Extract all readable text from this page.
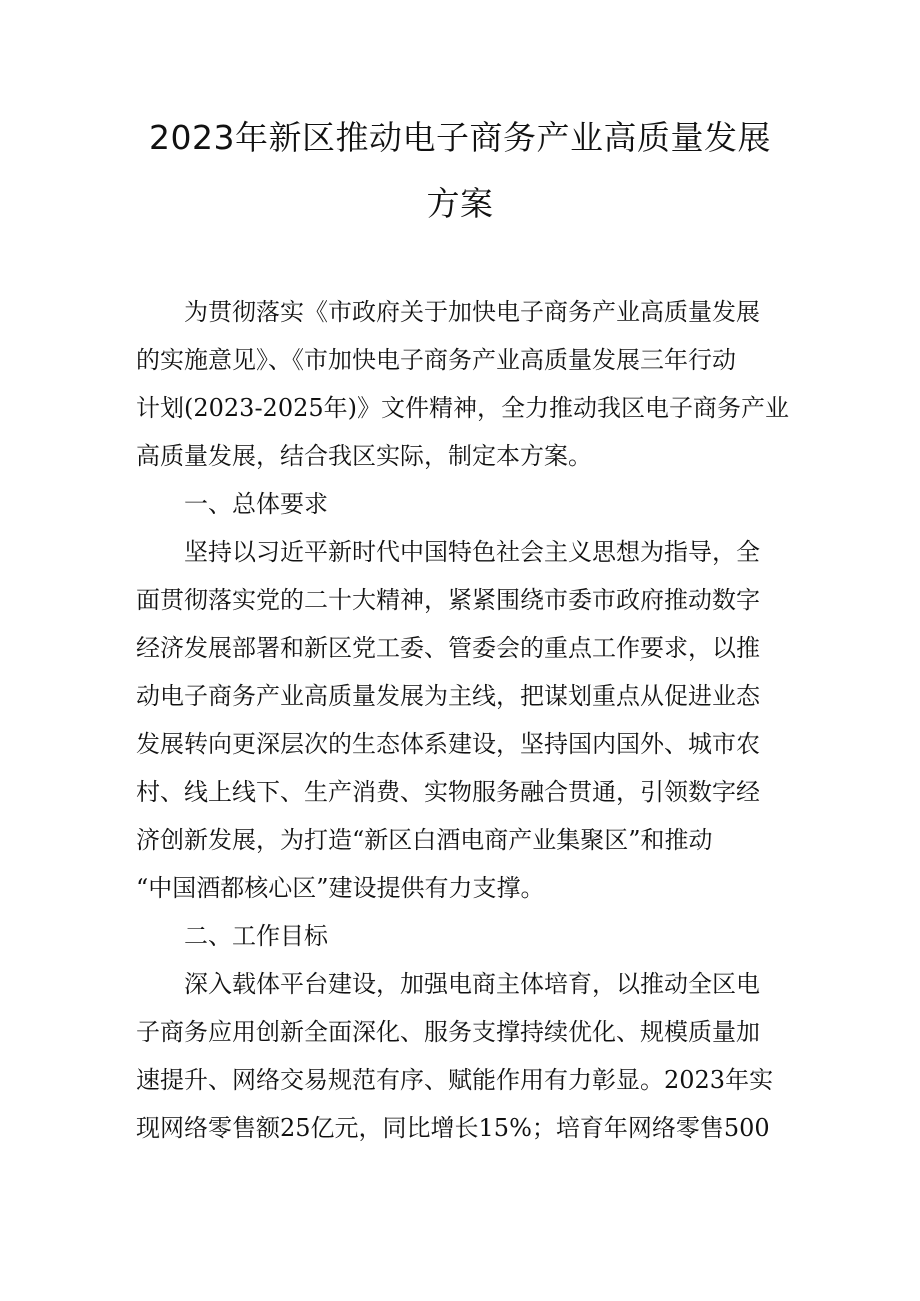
2023年新区推动电子商务产业高质量发展
方案
为贯彻落实《市政府关于加快电子商务产业高质量发展
的实施意见》、《市加快电子商务产业高质量发展三年行动
计划(2023-2025年)》文件精神，全力推动我区电子商务产业
高质量发展，结合我区实际，制定本方案。
一、总体要求
坚持以习近平新时代中国特色社会主义思想为指导，全
面贯彻落实党的二十大精神，紧紧围绕市委市政府推动数字
经济发展部署和新区党工委、管委会的重点工作要求，以推
动电子商务产业高质量发展为主线，把谋划重点从促进业态
发展转向更深层次的生态体系建设，坚持国内国外、城市农
村、线上线下、生产消费、实物服务融合贯通，引领数字经
济创新发展，为打造“新区白酒电商产业集聚区”和推动
“中国酒都核心区”建设提供有力支撑。
二、工作目标
深入载体平台建设，加强电商主体培育，以推动全区电
子商务应用创新全面深化、服务支撑持续优化、规模质量加
速提升、网络交易规范有序、赋能作用有力彰显。2023年实
现网络零售额25亿元，同比增长15%；培育年网络零售500
